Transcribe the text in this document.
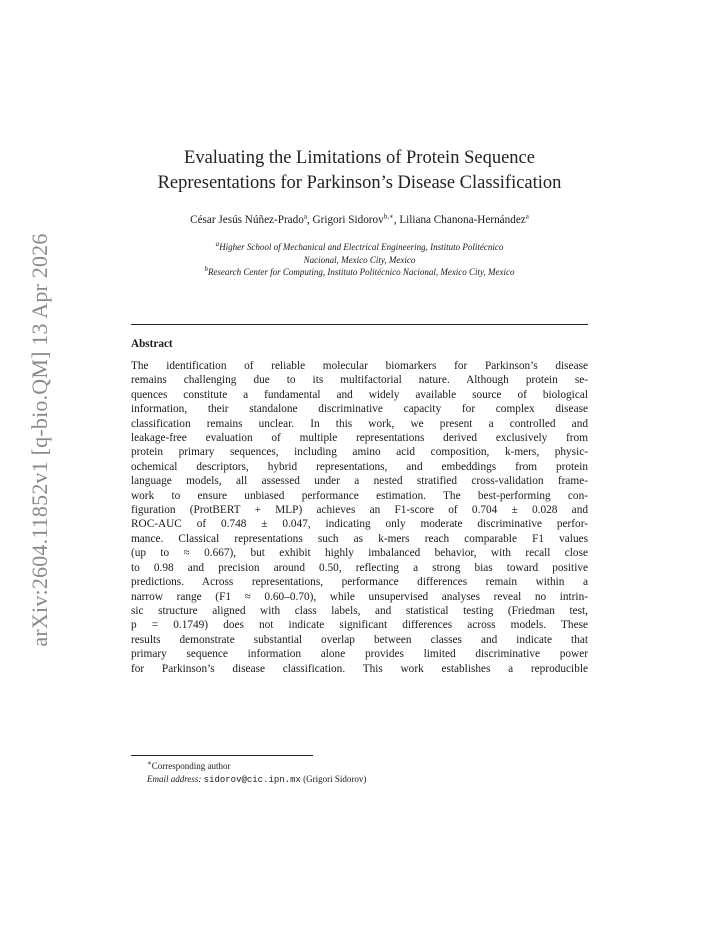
arXiv:2604.11852v1 [q-bio.QM] 13 Apr 2026
Evaluating the Limitations of Protein Sequence
Representations for Parkinson’s Disease Classification
César Jesús Núñez-Prado$^a$, Grigori Sidorov$^{b,∗}$, Liliana Chanona-Hernández$^a$
$^a$Higher School of Mechanical and Electrical Engineering, Instituto Politécnico
Nacional, Mexico City, Mexico
$^b$Research Center for Computing, Instituto Politécnico Nacional, Mexico City, Mexico
Abstract
The identification of reliable molecular biomarkers for Parkinson’s disease
remains challenging due to its multifactorial nature. Although protein se-
quences constitute a fundamental and widely available source of biological
information, their standalone discriminative capacity for complex disease
classification remains unclear. In this work, we present a controlled and
leakage-free evaluation of multiple representations derived exclusively from
protein primary sequences, including amino acid composition, k-mers, physic-
ochemical descriptors, hybrid representations, and embeddings from protein
language models, all assessed under a nested stratified cross-validation frame-
work to ensure unbiased performance estimation. The best-performing con-
figuration (ProtBERT + MLP) achieves an F1-score of 0.704 ± 0.028 and
ROC-AUC of 0.748 ± 0.047, indicating only moderate discriminative perfor-
mance. Classical representations such as k-mers reach comparable F1 values
(up to ≈ 0.667), but exhibit highly imbalanced behavior, with recall close
to 0.98 and precision around 0.50, reflecting a strong bias toward positive
predictions. Across representations, performance differences remain within a
narrow range (F1 ≈ 0.60–0.70), while unsupervised analyses reveal no intrin-
sic structure aligned with class labels, and statistical testing (Friedman test,
p = 0.1749) does not indicate significant differences across models. These
results demonstrate substantial overlap between classes and indicate that
primary sequence information alone provides limited discriminative power
for Parkinson’s disease classification. This work establishes a reproducible
∗Corresponding author
Email address: sidorov@cic.ipn.mx (Grigori Sidorov)
